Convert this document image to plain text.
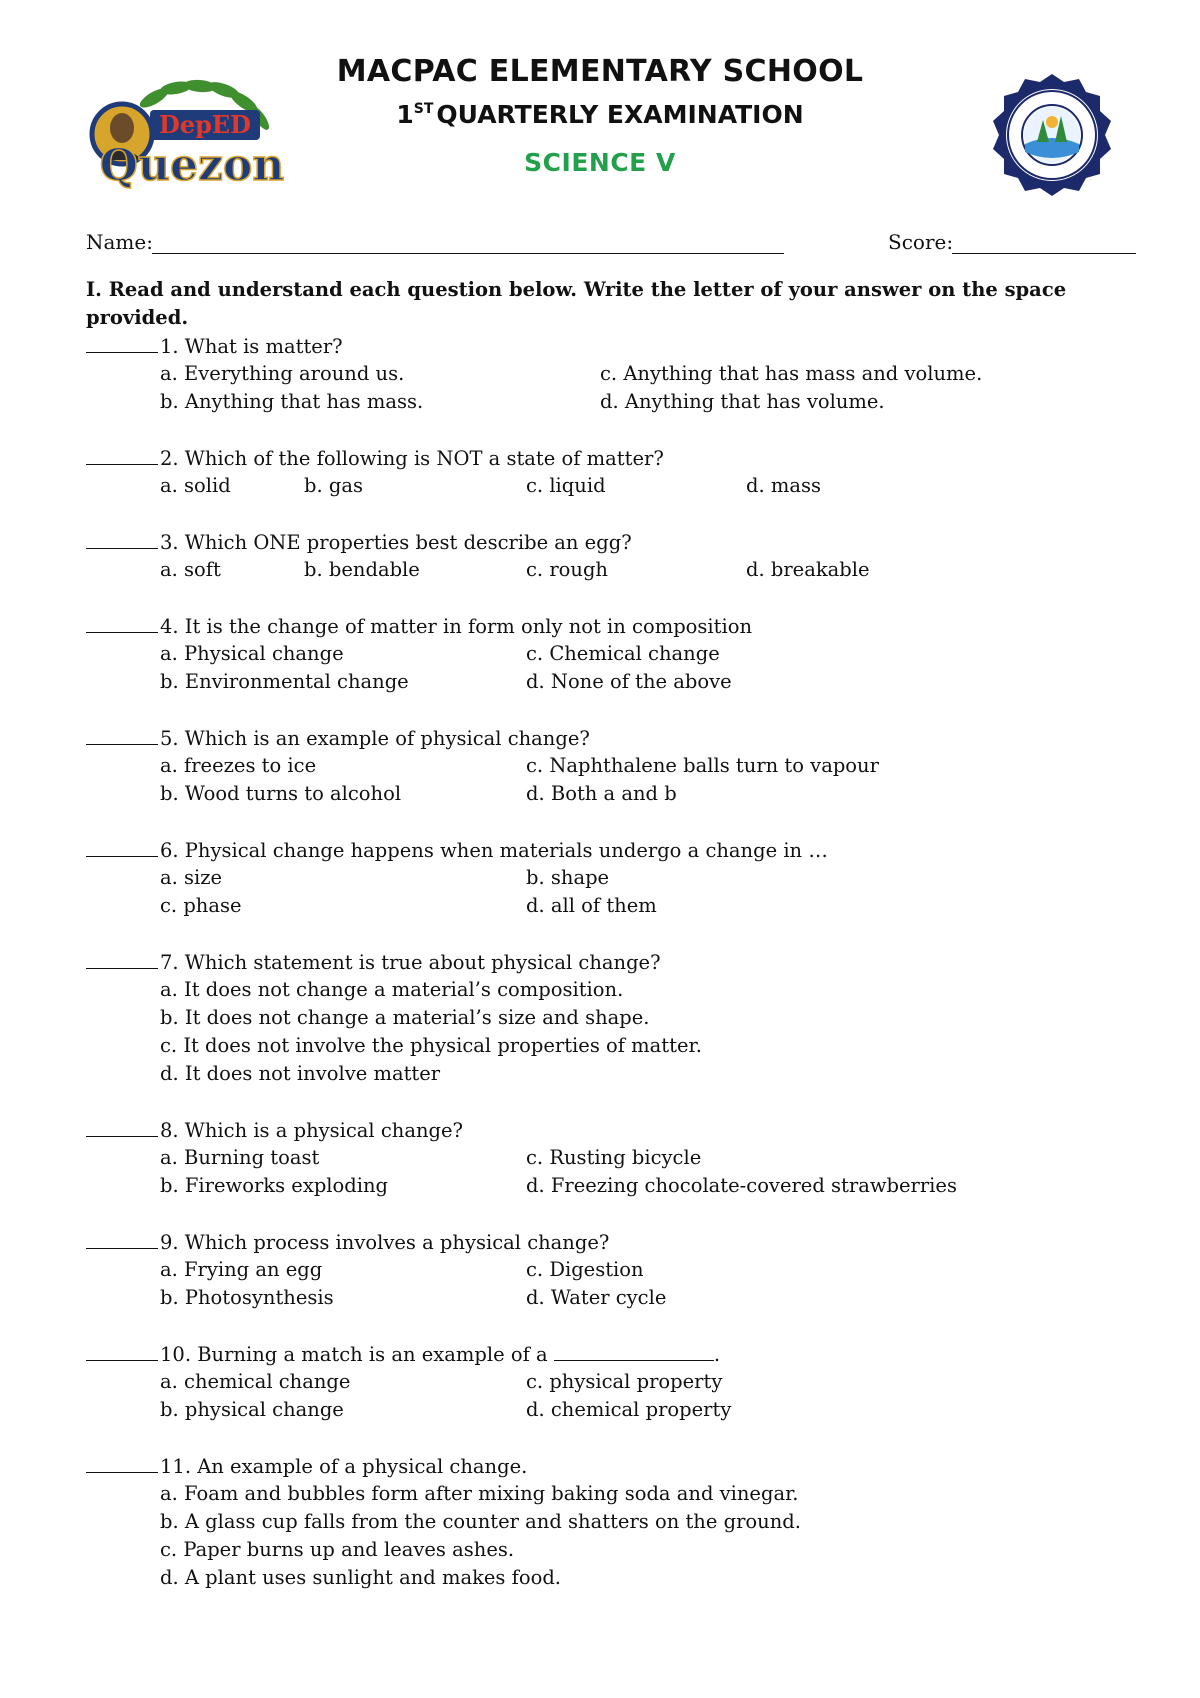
DepED
Quezon
MACPAC ELEMENTARY SCHOOL
1ST QUARTERLY EXAMINATION
SCIENCE V
Name:	Score:
I. Read and understand each question below. Write the letter of your answer on the space provided.
1. What is matter?
a. Everything around us.	c. Anything that has mass and volume.
b. Anything that has mass.	d. Anything that has volume.
2. Which of the following is NOT a state of matter?
a. solid	b. gas	c. liquid	d. mass
3. Which ONE properties best describe an egg?
a. soft	b. bendable	c. rough	d. breakable
4. It is the change of matter in form only not in composition
a. Physical change	c. Chemical change
b. Environmental change	d. None of the above
5. Which is an example of physical change?
a. freezes to ice	c. Naphthalene balls turn to vapour
b. Wood turns to alcohol	d. Both a and b
6. Physical change happens when materials undergo a change in …
a. size	b. shape
c. phase	d. all of them
7. Which statement is true about physical change?
a. It does not change a material’s composition.
b. It does not change a material’s size and shape.
c. It does not involve the physical properties of matter.
d. It does not involve matter
8. Which is a physical change?
a. Burning toast	c. Rusting bicycle
b. Fireworks exploding	d. Freezing chocolate-covered strawberries
9. Which process involves a physical change?
a. Frying an egg	c. Digestion
b. Photosynthesis	d. Water cycle
10. Burning a match is an example of a	.
a. chemical change	c. physical property
b. physical change	d. chemical property
11. An example of a physical change.
a. Foam and bubbles form after mixing baking soda and vinegar.
b. A glass cup falls from the counter and shatters on the ground.
c. Paper burns up and leaves ashes.
d. A plant uses sunlight and makes food.
